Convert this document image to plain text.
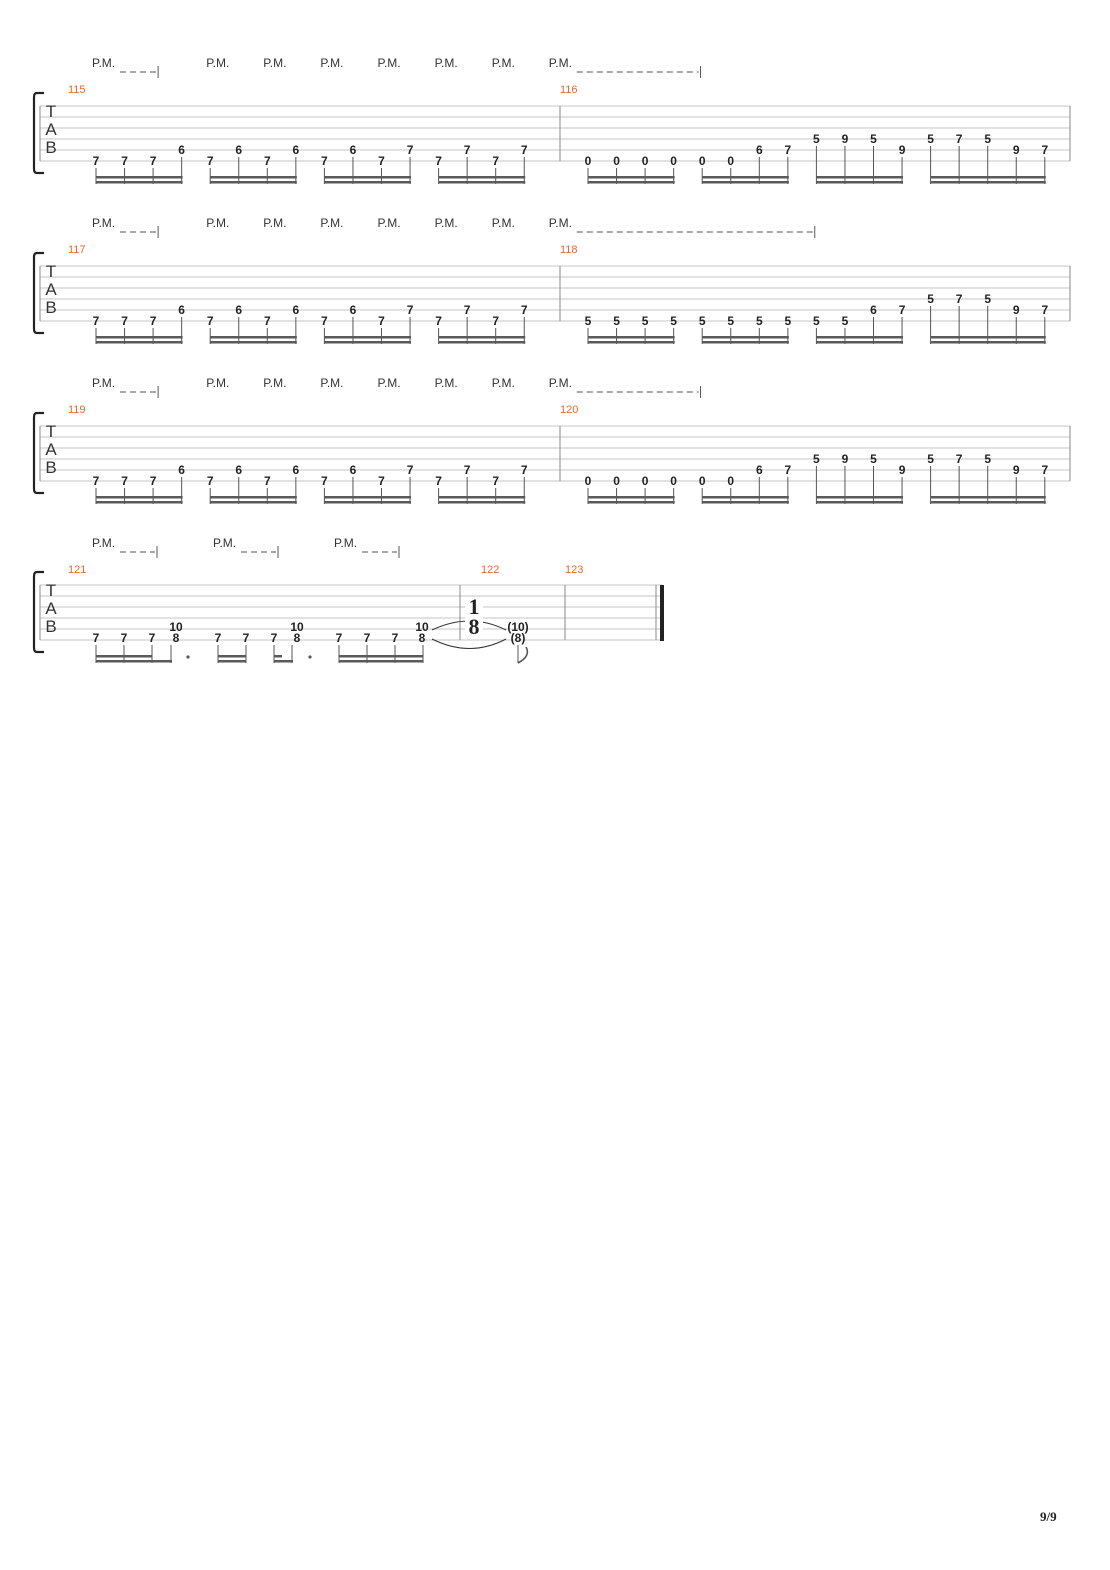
T
A
B
P.M.	P.M.	P.M.	P.M.	P.M.	P.M.	P.M.	P.M.
115
7 7 7
6
7
6
7
6
7
6
7
7
7
7
7
7
116
0 0 0 0 0 0
6 7
5 9 5
9
5 7 5
9 7
T
A
B
P.M.	P.M.	P.M.	P.M.	P.M.	P.M.	P.M.	P.M.
117
7 7 7
6
7
6
7
6
7
6
7
7
7
7
7
7
118
5 5 5 5 5 5 5 5 5 5
6 7
5 7 5
9 7
T
A
B
P.M.	P.M.	P.M.	P.M.	P.M.	P.M.	P.M.	P.M.
119
7 7 7
6
7
6
7
6
7
6
7
7
7
7
7
7
120
0 0 0 0 0 0
6 7
5 9 5
9
5 7 5
9 7
T
A
B
121	122	123
P.M.	P.M.	P.M.
7 7 7
10
8	7 7 7
10
8	7 7 7
10
8
1
8 (10)
(8)
9/9
